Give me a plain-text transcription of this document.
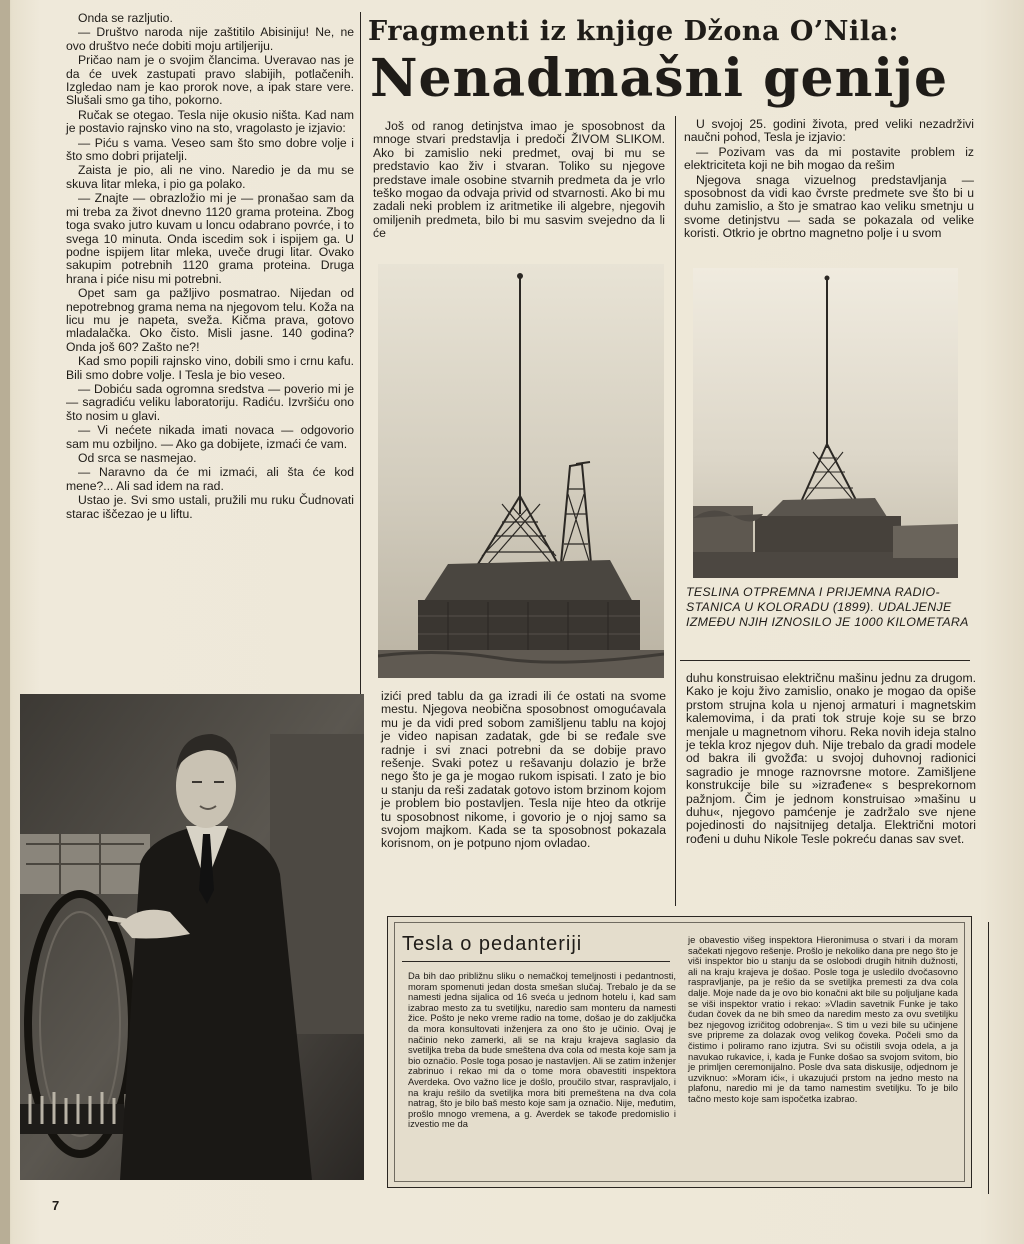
Onda se razljutio.

— Društvo naroda nije zaštitilo Abisiniju! Ne, ne ovo društvo neće dobiti moju artiljeriju.

Pričao nam je o svojim člancima. Uveravao nas je da će uvek zastupati pravo slabijih, potlačenih. Izgledao nam je kao prorok nove, a ipak stare vere. Slušali smo ga tiho, pokorno.

Ručak se otegao. Tesla nije okusio ništa. Kad nam je postavio rajnsko vino na sto, vragolasto je izjavio:

— Piću s vama. Veseo sam što smo dobre volje i što smo dobri prijatelji.

Zaista je pio, ali ne vino. Naredio je da mu se skuva litar mleka, i pio ga polako.

— Znajte — obrazložio mi je — pronašao sam da mi treba za život dnevno 1120 grama proteina. Zbog toga svako jutro kuvam u loncu odabrano povrće, i to svega 10 minuta. Onda iscedim sok i ispijem ga. U podne ispijem litar mleka, uveče drugi litar. Ovako sakupim potrebnih 1120 grama proteina. Druga hrana i piće nisu mi potrebni.

Opet sam ga pažljivo posmatrao. Nijedan od nepotrebnog grama nema na njegovom telu. Koža na licu mu je napeta, sveža. Kičma prava, gotovo mladalačka. Oko čisto. Misli jasne. 140 godina? Onda još 60? Zašto ne?!

Kad smo popili rajnsko vino, dobili smo i crnu kafu. Bili smo dobre volje. I Tesla je bio veseo.

— Dobiću sada ogromna sredstva — poverio mi je — sagradiću veliku laboratoriju. Radiću. Izvršiću ono što nosim u glavi.

— Vi nećete nikada imati novaca — odgovorio sam mu ozbiljno. — Ako ga dobijete, izmaći će vam.

Od srca se nasmejao.

— Naravno da će mi izmaći, ali šta će kod mene?... Ali sad idem na rad.

Ustao je. Svi smo ustali, pružili mu ruku Čudnovati starac iščezao je u liftu.

Fragmenti iz knjige Džona O’Nila:
Nenadmašni genije

Još od ranog detinjstva imao je sposobnost da mnoge stvari predstavlja i predoči ŽIVOM SLIKOM. Ako bi zamislio neki predmet, ovaj bi mu se predstavio kao živ i stvaran. Toliko su njegove predstave imale osobine stvarnih predmeta da je vrlo teško mogao da odvaja privid od stvarnosti. Ako bi mu zadali neki problem iz aritmetike ili algebre, njegovih omiljenih predmeta, bilo bi mu sasvim svejedno da li će

U svojoj 25. godini života, pred veliki nezadrživi naučni pohod, Tesla je izjavio:

— Pozivam vas da mi postavite problem iz elektriciteta koji ne bih mogao da rešim

Njegova snaga vizuelnog predstavljanja — sposobnost da vidi kao čvrste predmete sve što bi u duhu zamislio, a što je smatrao kao veliku smetnju u svome detinjstvu — sada se pokazala od velike koristi. Otkrio je obrtno magnetno polje i u svom

TESLINA OTPREMNA I PRIJEMNA RADIO-STANICA U KOLORADU (1899). UDALJENJE IZMEĐU NJIH IZNOSILO JE 1000 KILOMETARA

izići pred tablu da ga izradi ili će ostati na svome mestu. Njegova neobična sposobnost omogućavala mu je da vidi pred sobom zamišljenu tablu na kojoj je video napisan zadatak, gde bi se ređale sve radnje i svi znaci potrebni da se dobije pravo rešenje. Svaki potez u rešavanju dolazio je brže nego što je ga je mogao rukom ispisati. I zato je bio u stanju da reši zadatak gotovo istom brzinom kojom je problem bio postavljen. Tesla nije hteo da otkrije tu sposobnost nikome, i govorio je o njoj samo sa svojom majkom. Kada se ta sposobnost pokazala korisnom, on je potpuno njom ovladao.

duhu konstruisao električnu mašinu jednu za drugom. Kako je koju živo zamislio, onako je mogao da opiše prstom strujna kola u njenoj armaturi i magnetskim kalemovima, i da prati tok struje koje su se brzo menjale u magnetnom vihoru. Reka novih ideja stalno je tekla kroz njegov duh. Nije trebalo da gradi modele od bakra ili gvožđa: u svojoj duhovnoj radionici sagradio je mnoge raznovrsne motore. Zamišljene konstrukcije bile su »izrađene« s besprekornom pažnjom. Čim je jednom konstruisao »mašinu u duhu«, njegovo pamćenje je zadržalo sve njene pojedinosti do najsitnijeg detalja. Električni motori rođeni u duhu Nikole Tesle pokreću danas sav svet.

Tesla o pedanteriji
Da bih dao približnu sliku o nemačkoj temeljnosti i pedantnosti, moram spomenuti jedan dosta smešan slučaj. Trebalo je da se namesti jedna sijalica od 16 sveća u jednom hotelu i, kad sam izabrao mesto za tu svetiljku, naredio sam monteru da namesti žice. Pošto je neko vreme radio na tome, došao je do zaključka da mora konsultovati inženjera za ono što je učinio. Ovaj je načinio neko zamerki, ali se na kraju krajeva saglasio da svetiljka treba da bude smeštena dva cola od mesta koje sam ja bio označio. Posle toga posao je nastavljen. Ali se zatim inženjer zabrinuo i rekao mi da o tome mora obavestiti inspektora Averdeka. Ovo važno lice je došlo, proučilo stvar, raspravljalo, i na kraju rešilo da svetiljka mora biti premeštena na dva cola natrag, što je bilo baš mesto koje sam ja označio. Nije, međutim, prošlo mnogo vremena, a g. Averdek se takođe predomislio i izvestio me da
je obavestio višeg inspektora Hieronimusa o stvari i da moram sačekati njegovo rešenje. Prošlo je nekoliko dana pre nego što je viši inspektor bio u stanju da se oslobodi drugih hitnih dužnosti, ali na kraju krajeva je došao. Posle toga je usledilo dvočasovno raspravljanje, pa je rešio da se svetiljka premesti za dva cola dalje. Moje nade da je ovo bio konačni akt bile su poljuljane kada se viši inspektor vratio i rekao: »Vladin savetnik Funke je tako čudan čovek da ne bih smeo da naredim mesto za ovu svetiljku bez njegovog izričitog odobrenja«. S tim u vezi bile su učinjene sve pripreme za dolazak ovog velikog čoveka. Počeli smo da čistimo i poliramo rano izjutra. Svi su očistili svoja odela, a ja navukao rukavice, i, kada je Funke došao sa svojom svitom, bio je primljen ceremonijalno. Posle dva sata diskusije, odjednom je uzviknuo: »Moram ići«, i ukazujući prstom na jedno mesto na plafonu, naredio mi je da tamo namestim svetiljku. To je bilo tačno mesto koje sam ispočetka izabrao.
7
